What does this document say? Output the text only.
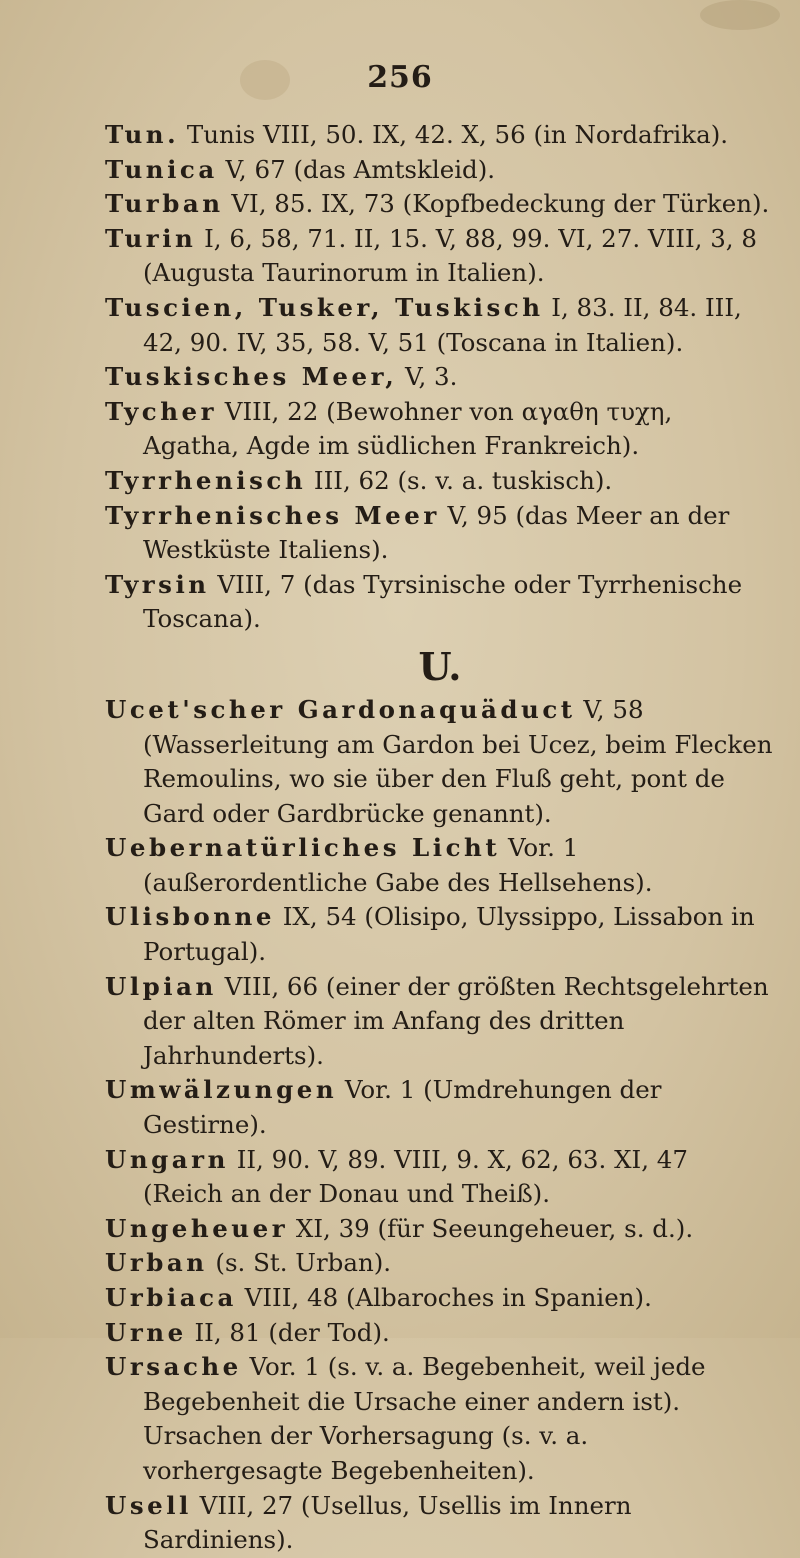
256
Tun. Tunis VIII, 50. IX, 42. X, 56 (in Nordafrika).
Tunica V, 67 (das Amtskleid).
Turban VI, 85. IX, 73 (Kopfbedeckung der Türken).
Turin I, 6, 58, 71. II, 15. V, 88, 99. VI, 27. VIII, 3, 8 (Augusta Taurinorum in Italien).
Tuscien, Tusker, Tuskisch I, 83. II, 84. III, 42, 90. IV, 35, 58. V, 51 (Toscana in Italien).
Tuskisches Meer, V, 3.
Tycher VIII, 22 (Bewohner von αγαθη τυχη, Agatha, Agde im südlichen Frankreich).
Tyrrhenisch III, 62 (s. v. a. tuskisch).
Tyrrhenisches Meer V, 95 (das Meer an der Westküste Italiens).
Tyrsin VIII, 7 (das Tyrsinische oder Tyrrhenische Toscana).
U.
Ucet'scher Gardonaquäduct V, 58 (Wasserleitung am Gardon bei Ucez, beim Flecken Remoulins, wo sie über den Fluß geht, pont de Gard oder Gardbrücke genannt).
Uebernatürliches Licht Vor. 1 (außerordentliche Gabe des Hellsehens).
Ulisbonne IX, 54 (Olisipo, Ulyssippo, Lissabon in Portugal).
Ulpian VIII, 66 (einer der größten Rechtsgelehrten der alten Römer im Anfang des dritten Jahrhunderts).
Umwälzungen Vor. 1 (Umdrehungen der Gestirne).
Ungarn II, 90. V, 89. VIII, 9. X, 62, 63. XI, 47 (Reich an der Donau und Theiß).
Ungeheuer XI, 39 (für Seeungeheuer, s. d.).
Urban (s. St. Urban).
Urbiaca VIII, 48 (Albaroches in Spanien).
Urne II, 81 (der Tod).
Ursache Vor. 1 (s. v. a. Begebenheit, weil jede Begebenheit die Ursache einer andern ist). Ursachen der Vorhersagung (s. v. a. vorhergesagte Begebenheiten).
Usell VIII, 27 (Usellus, Usellis im Innern Sardiniens).
